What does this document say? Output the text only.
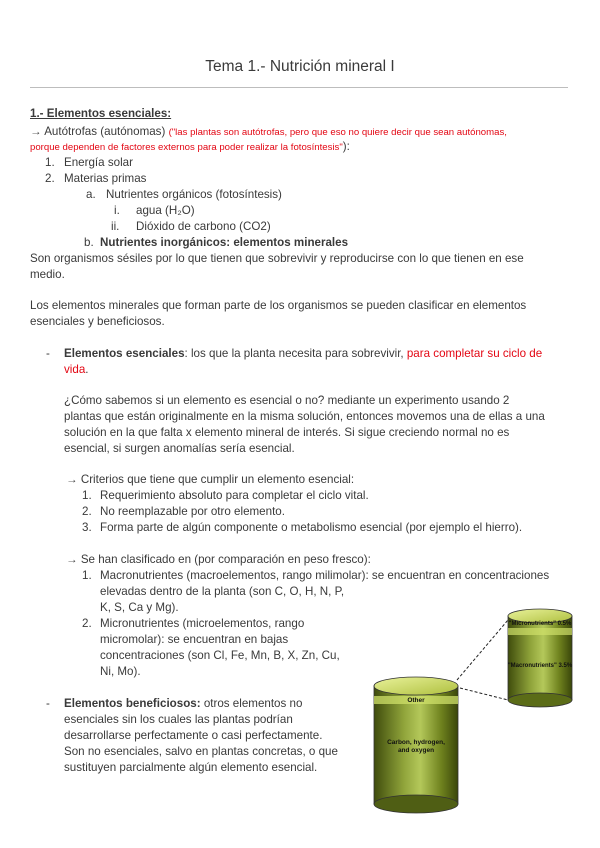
Tema 1.- Nutrición mineral I
1.- Elementos esenciales:
→ Autótrofas (autónomas) ("las plantas son autótrofas, pero que eso no quiere decir que sean autónomas,
porque dependen de factores externos para poder realizar la fotosíntesis"):
1. Energía solar
2. Materias primas
a. Nutrientes orgánicos (fotosíntesis)
i. agua (H₂O)
ii. Dióxido de carbono (CO2)
b. Nutrientes inorgánicos: elementos minerales
Son organismos sésiles por lo que tienen que sobrevivir y reproducirse con lo que tienen en ese
medio.
Los elementos minerales que forman parte de los organismos se pueden clasificar en elementos
esenciales y beneficiosos.
- Elementos esenciales: los que la planta necesita para sobrevivir, para completar su ciclo de
vida.
¿Cómo sabemos si un elemento es esencial o no? mediante un experimento usando 2
plantas que están originalmente en la misma solución, entonces movemos una de ellas a una
solución en la que falta x elemento mineral de interés. Si sigue creciendo normal no es
esencial, si surgen anomalías sería esencial.
→ Criterios que tiene que cumplir un elemento esencial:
1. Requerimiento absoluto para completar el ciclo vital.
2. No reemplazable por otro elemento.
3. Forma parte de algún componente o metabolismo esencial (por ejemplo el hierro).
→ Se han clasificado en (por comparación en peso fresco):
1. Macronutrientes (macroelementos, rango milimolar): se encuentran en concentraciones
elevadas dentro de la planta (son C, O, H, N, P,
K, S, Ca y Mg).
2. Micronutrientes (microelementos, rango
micromolar): se encuentran en bajas
concentraciones (son Cl, Fe, Mn, B, X, Zn, Cu,
Ni, Mo).
- Elementos beneficiosos: otros elementos no
esenciales sin los cuales las plantas podrían
desarrollarse perfectamente o casi perfectamente.
Son no esenciales, salvo en plantas concretas, o que
sustituyen parcialmente algún elemento esencial.
"Micronutrients" 0.5%
"Macronutrients" 3.5%
Other
Carbon, hydrogen,
and oxygen
